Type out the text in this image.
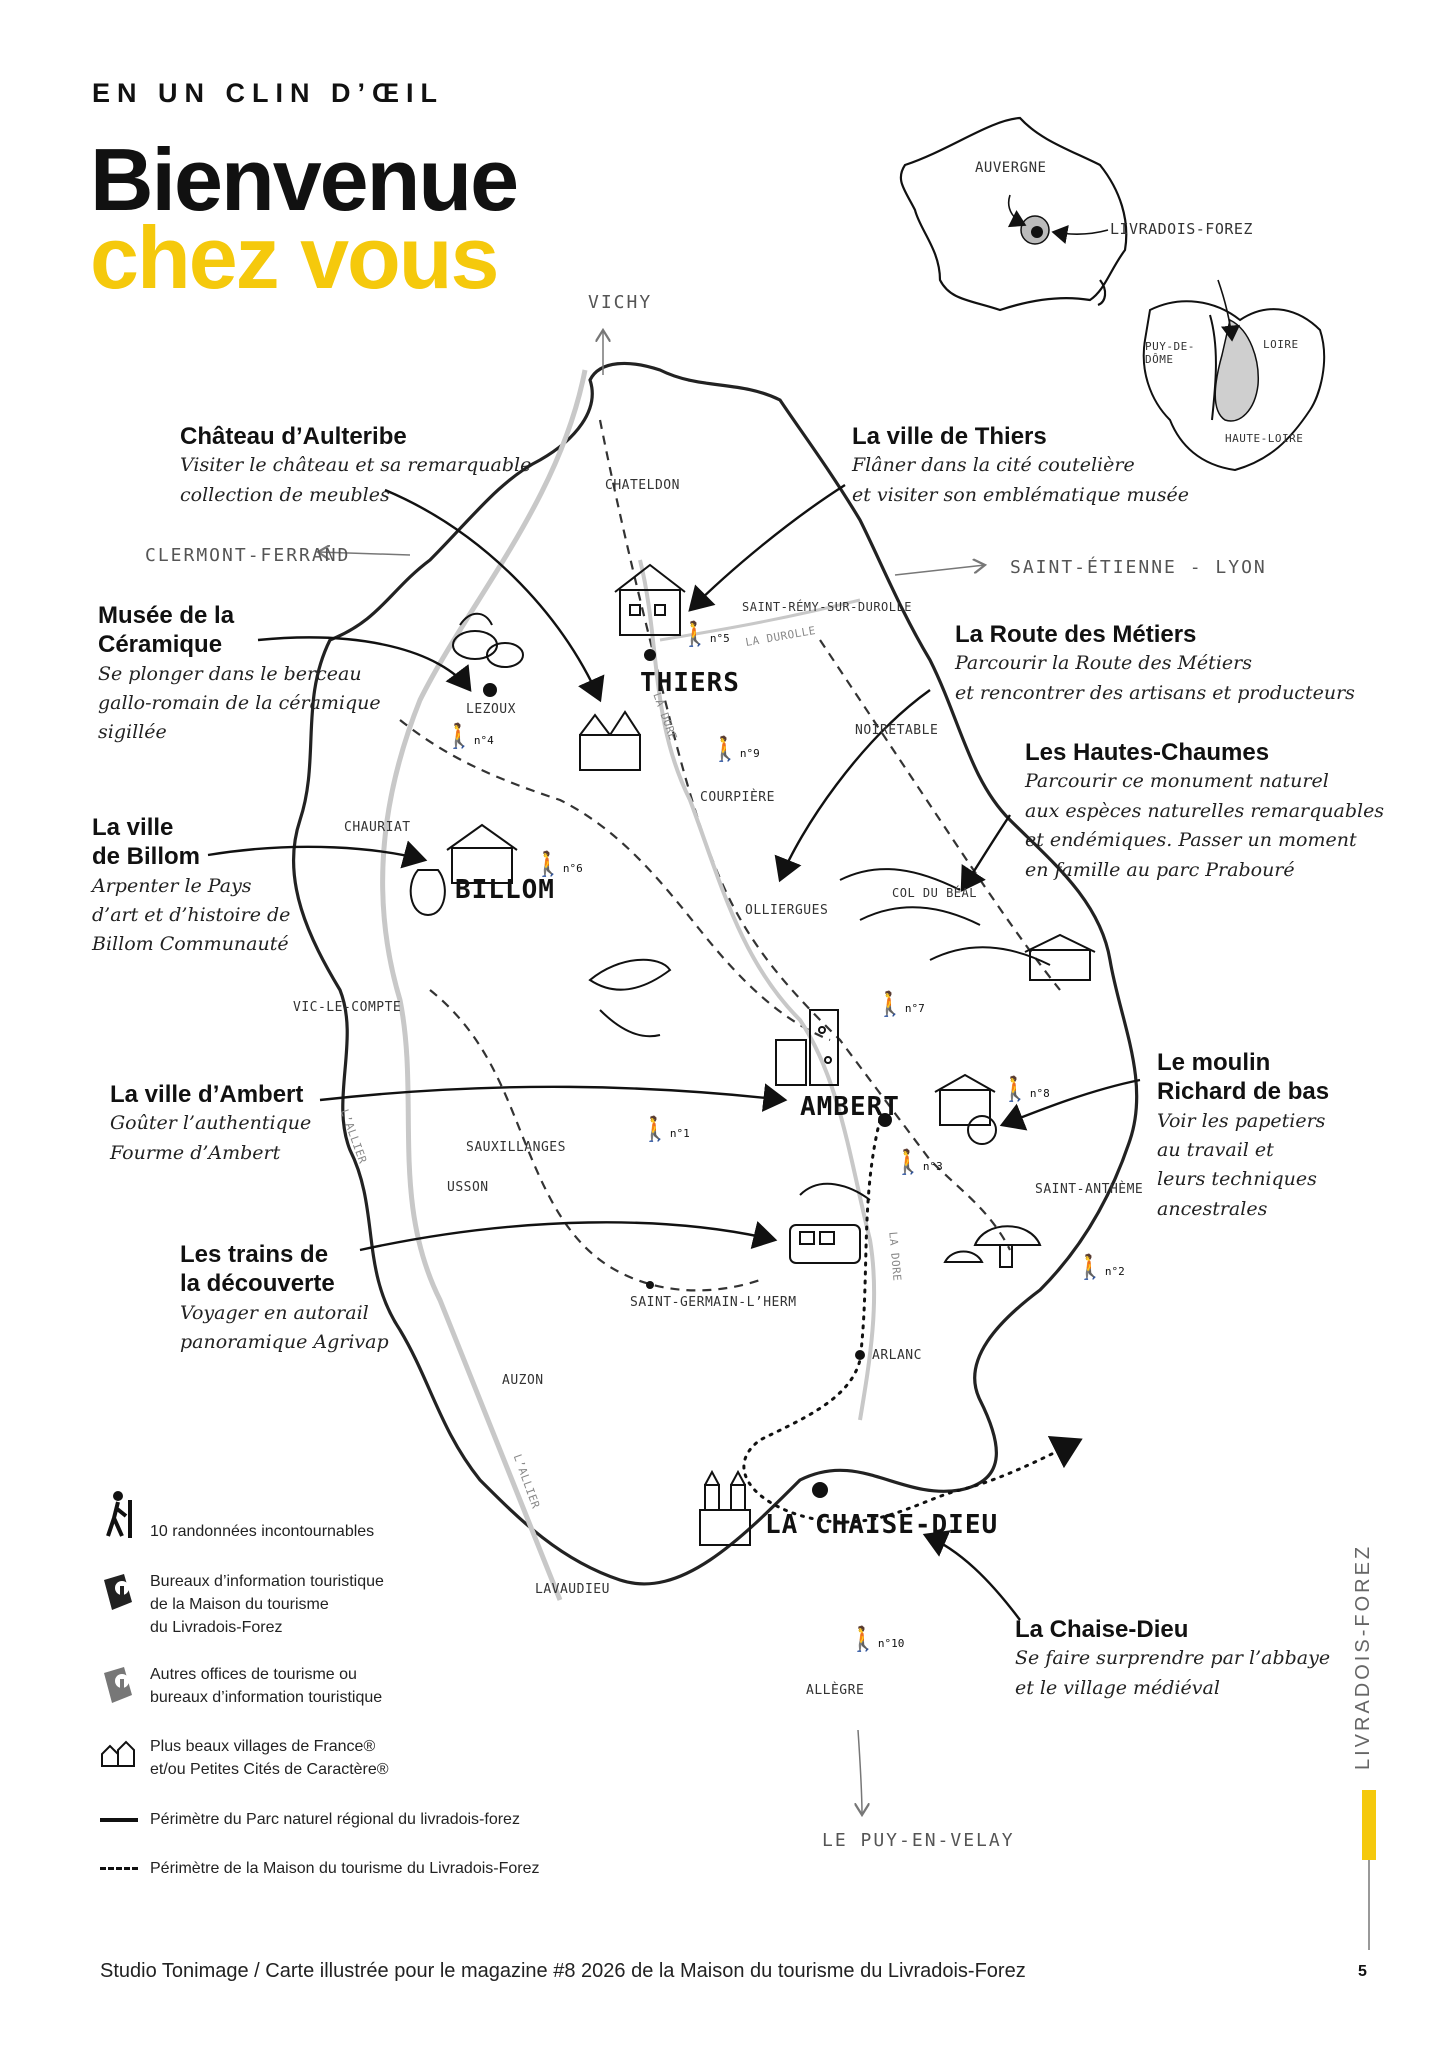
EN UN CLIN D’ŒIL
Bienvenue
chez vous
AUVERGNE
LIVRADOIS-FOREZ
PUY-DE-DÔME
LOIRE
HAUTE-LOIRE
VICHY
CLERMONT-FERRAND
SAINT-ÉTIENNE - LYON
LE PUY-EN-VELAY
CHATELDON
SAINT-RÉMY-SUR-DUROLLE
THIERS
LEZOUX
NOIRÉTABLE
COURPIÈRE
CHAURIAT
BILLOM
OLLIERGUES
COL DU BÉAL
VIC-LE-COMPTE
AMBERT
SAUXILLANGES
USSON	SAINT-ANTHÈME
SAINT-GERMAIN-L’HERM
ARLANC
AUZON
LA CHAISE-DIEU
LAVAUDIEU
ALLÈGRE
LA DUROLLE
LA DORE
LA DORE
L’ALLIER
L’ALLIER
🚶n°4
🚶n°5
🚶n°9
🚶n°6
🚶n°7
🚶n°8
🚶n°1
🚶n°3
🚶n°2
🚶n°10
Château d’Aulteribe
Visiter le château et sa remarquable
collection de meubles
La ville de Thiers
Flâner dans la cité coutelière
et visiter son emblématique musée
Musée de la
Céramique
Se plonger dans le berceau
gallo-romain de la céramique
sigillée
La Route des Métiers
Parcourir la Route des Métiers
et rencontrer des artisans et producteurs
Les Hautes-Chaumes
Parcourir ce monument naturel
aux espèces naturelles remarquables
et endémiques. Passer un moment
en famille au parc Prabouré
La ville
de Billom
Arpenter le Pays
d’art et d’histoire de
Billom Communauté
La ville d’Ambert
Goûter l’authentique
Fourme d’Ambert
Le moulin
Richard de bas
Voir les papetiers
au travail et
leurs techniques
ancestrales
Les trains de
la découverte
Voyager en autorail
panoramique Agrivap
La Chaise-Dieu
Se faire surprendre par l’abbaye
et le village médiéval
10 randonnées incontournables
Bureaux d’information touristique
de la Maison du tourisme
du Livradois-Forez
Autres offices de tourisme ou
bureaux d’information touristique
Plus beaux villages de France®
et/ou Petites Cités de Caractère®
Périmètre du Parc naturel régional du livradois-forez
Périmètre de la Maison du tourisme du Livradois-Forez
LIVRADOIS-FOREZ
Studio Tonimage / Carte illustrée pour le magazine #8 2026 de la Maison du tourisme du Livradois-Forez	5
